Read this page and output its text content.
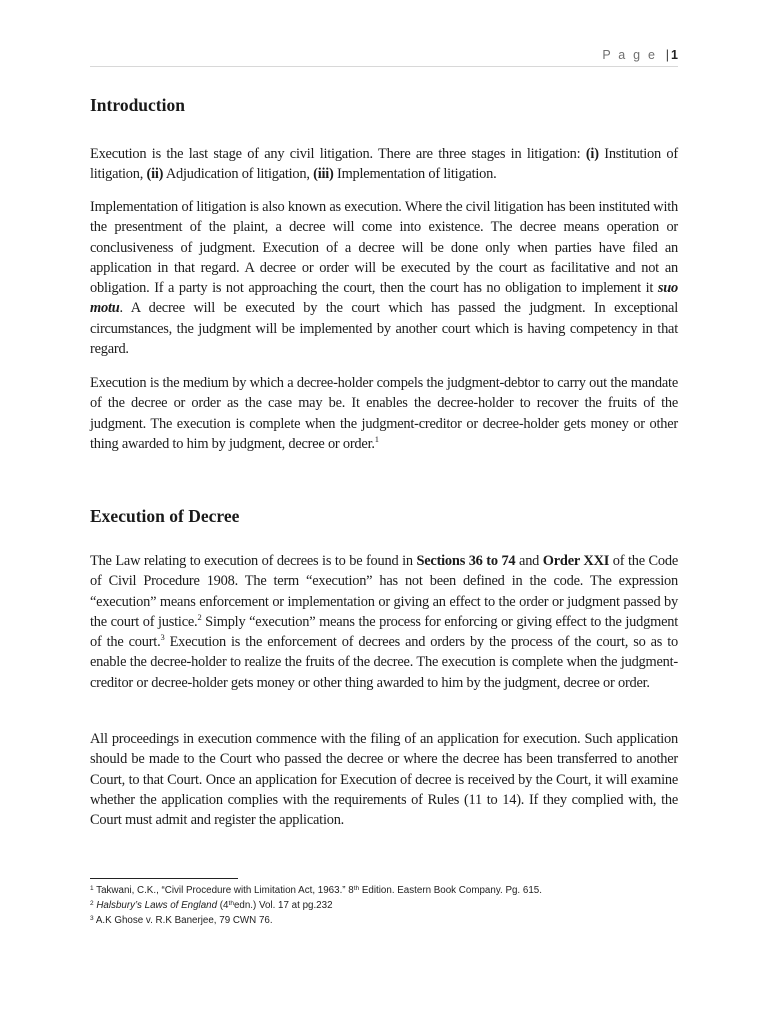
P a g e | 1
Introduction

Execution is the last stage of any civil litigation. There are three stages in litigation: (i) Institution of litigation, (ii) Adjudication of litigation, (iii) Implementation of litigation.

Implementation of litigation is also known as execution. Where the civil litigation has been instituted with the presentment of the plaint, a decree will come into existence. The decree means operation or conclusiveness of judgment. Execution of a decree will be done only when parties have filed an application in that regard. A decree or order will be executed by the court as facilitative and not an obligation. If a party is not approaching the court, then the court has no obligation to implement it suo motu. A decree will be executed by the court which has passed the judgment. In exceptional circumstances, the judgment will be implemented by another court which is having competency in that regard.

Execution is the medium by which a decree-holder compels the judgment-debtor to carry out the mandate of the decree or order as the case may be. It enables the decree-holder to recover the fruits of the judgment. The execution is complete when the judgment-creditor or decree-holder gets money or other thing awarded to him by judgment, decree or order.$^1$

Execution of Decree

The Law relating to execution of decrees is to be found in Sections 36 to 74 and Order XXI of the Code of Civil Procedure 1908. The term “execution” has not been defined in the code. The expression “execution” means enforcement or implementation or giving an effect to the order or judgment passed by the court of justice.$^2$ Simply “execution” means the process for enforcing or giving effect to the judgment of the court.$^3$ Execution is the enforcement of decrees and orders by the process of the court, so as to enable the decree-holder to realize the fruits of the decree. The execution is complete when the judgment-creditor or decree-holder gets money or other thing awarded to him by the judgment, decree or order.

All proceedings in execution commence with the filing of an application for execution. Such application should be made to the Court who passed the decree or where the decree has been transferred to another Court, to that Court. Once an application for Execution of decree is received by the Court, it will examine whether the application complies with the requirements of Rules (11 to 14). If they complied with, the Court must admit and register the application.

$^1$ Takwani, C.K., “Civil Procedure with Limitation Act, 1963.” 8th Edition. Eastern Book Company. Pg. 615.
$^2$ Halsbury’s Laws of England (4thedn.) Vol. 17 at pg.232
$^3$ A.K Ghose v. R.K Banerjee, 79 CWN 76.
